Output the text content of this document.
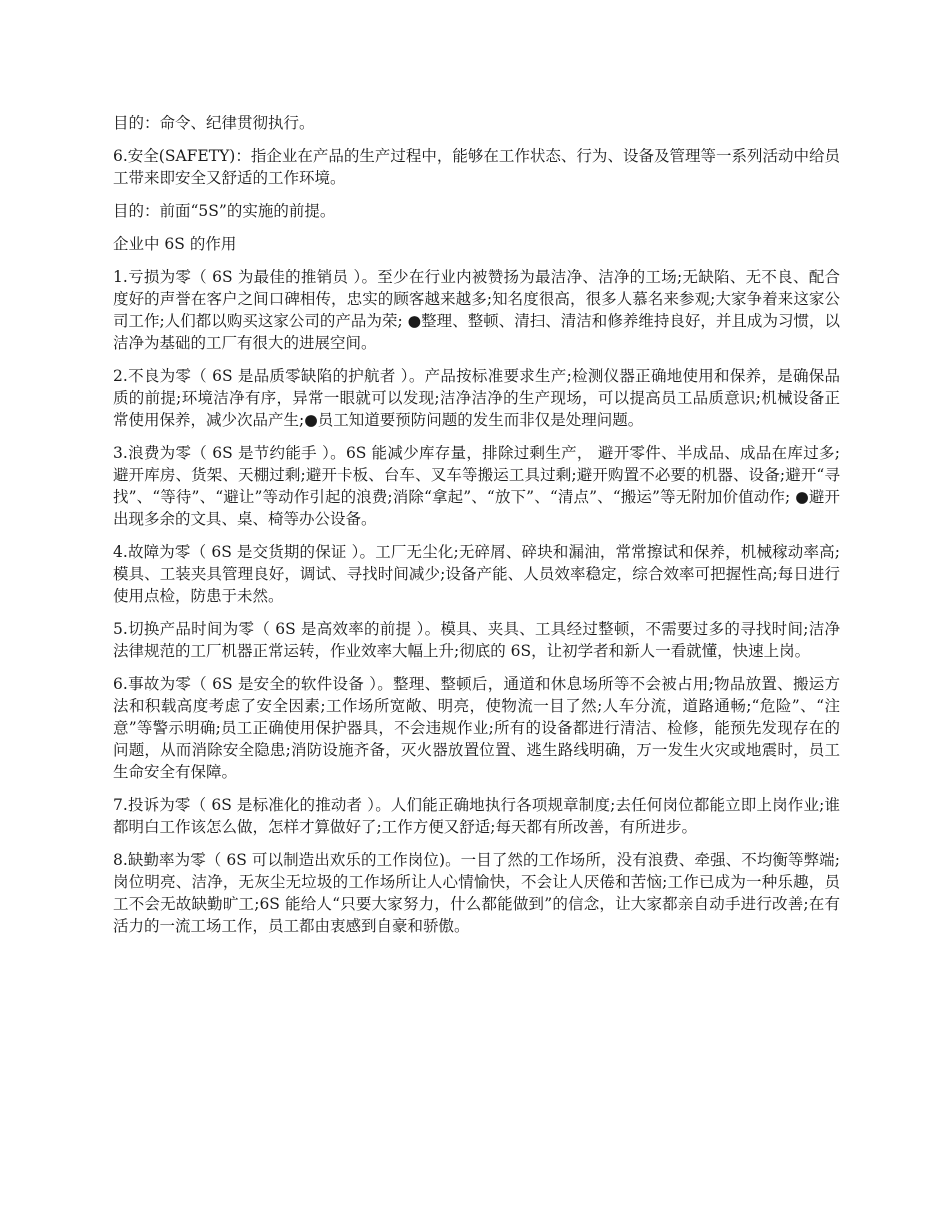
目的：命令、纪律贯彻执行。

6.安全(SAFETY)：指企业在产品的生产过程中，能够在工作状态、行为、设备及管理等一系列活动中给员工带来即安全又舒适的工作环境。

目的：前面“5S”的实施的前提。

企业中 6S 的作用

1.亏损为零（ 6S 为最佳的推销员 ）。至少在行业内被赞扬为最洁净、洁净的工场;无缺陷、无不良、配合度好的声誉在客户之间口碑相传，忠实的顾客越来越多;知名度很高，很多人慕名来参观;大家争着来这家公司工作;人们都以购买这家公司的产品为荣; ●整理、整顿、清扫、清洁和修养维持良好，并且成为习惯，以洁净为基础的工厂有很大的进展空间。

2.不良为零（ 6S 是品质零缺陷的护航者 ）。产品按标准要求生产;检测仪器正确地使用和保养，是确保品质的前提;环境洁净有序，异常一眼就可以发现;洁净洁净的生产现场，可以提高员工品质意识;机械设备正常使用保养，减少次品产生;●员工知道要预防问题的发生而非仅是处理问题。

3.浪费为零（ 6S 是节约能手 ）。6S 能减少库存量，排除过剩生产， 避开零件、半成品、成品在库过多;避开库房、货架、天棚过剩;避开卡板、台车、叉车等搬运工具过剩;避开购置不必要的机器、设备;避开“寻找”、“等待”、“避让”等动作引起的浪费;消除“拿起”、“放下”、“清点”、“搬运”等无附加价值动作; ●避开出现多余的文具、桌、椅等办公设备。

4.故障为零（ 6S 是交货期的保证 ）。工厂无尘化;无碎屑、碎块和漏油，常常擦试和保养，机械稼动率高;模具、工装夹具管理良好，调试、寻找时间减少;设备产能、人员效率稳定，综合效率可把握性高;每日进行使用点检，防患于未然。

5.切换产品时间为零（ 6S 是高效率的前提 ）。模具、夹具、工具经过整顿，不需要过多的寻找时间;洁净法律规范的工厂机器正常运转，作业效率大幅上升;彻底的 6S，让初学者和新人一看就懂，快速上岗。

6.事故为零（ 6S 是安全的软件设备 ）。整理、整顿后，通道和休息场所等不会被占用;物品放置、搬运方法和积载高度考虑了安全因素;工作场所宽敞、明亮，使物流一目了然;人车分流，道路通畅;“危险”、“注意”等警示明确;员工正确使用保护器具，不会违规作业;所有的设备都进行清洁、检修，能预先发现存在的问题，从而消除安全隐患;消防设施齐备，灭火器放置位置、逃生路线明确，万一发生火灾或地震时，员工生命安全有保障。

7.投诉为零（ 6S 是标准化的推动者 ）。人们能正确地执行各项规章制度;去任何岗位都能立即上岗作业;谁都明白工作该怎么做，怎样才算做好了;工作方便又舒适;每天都有所改善，有所进步。

8.缺勤率为零（ 6S 可以制造出欢乐的工作岗位)。一目了然的工作场所，没有浪费、牵强、不均衡等弊端;岗位明亮、洁净，无灰尘无垃圾的工作场所让人心情愉快，不会让人厌倦和苦恼;工作已成为一种乐趣，员工不会无故缺勤旷工;6S 能给人“只要大家努力，什么都能做到”的信念，让大家都亲自动手进行改善;在有活力的一流工场工作，员工都由衷感到自豪和骄傲。
